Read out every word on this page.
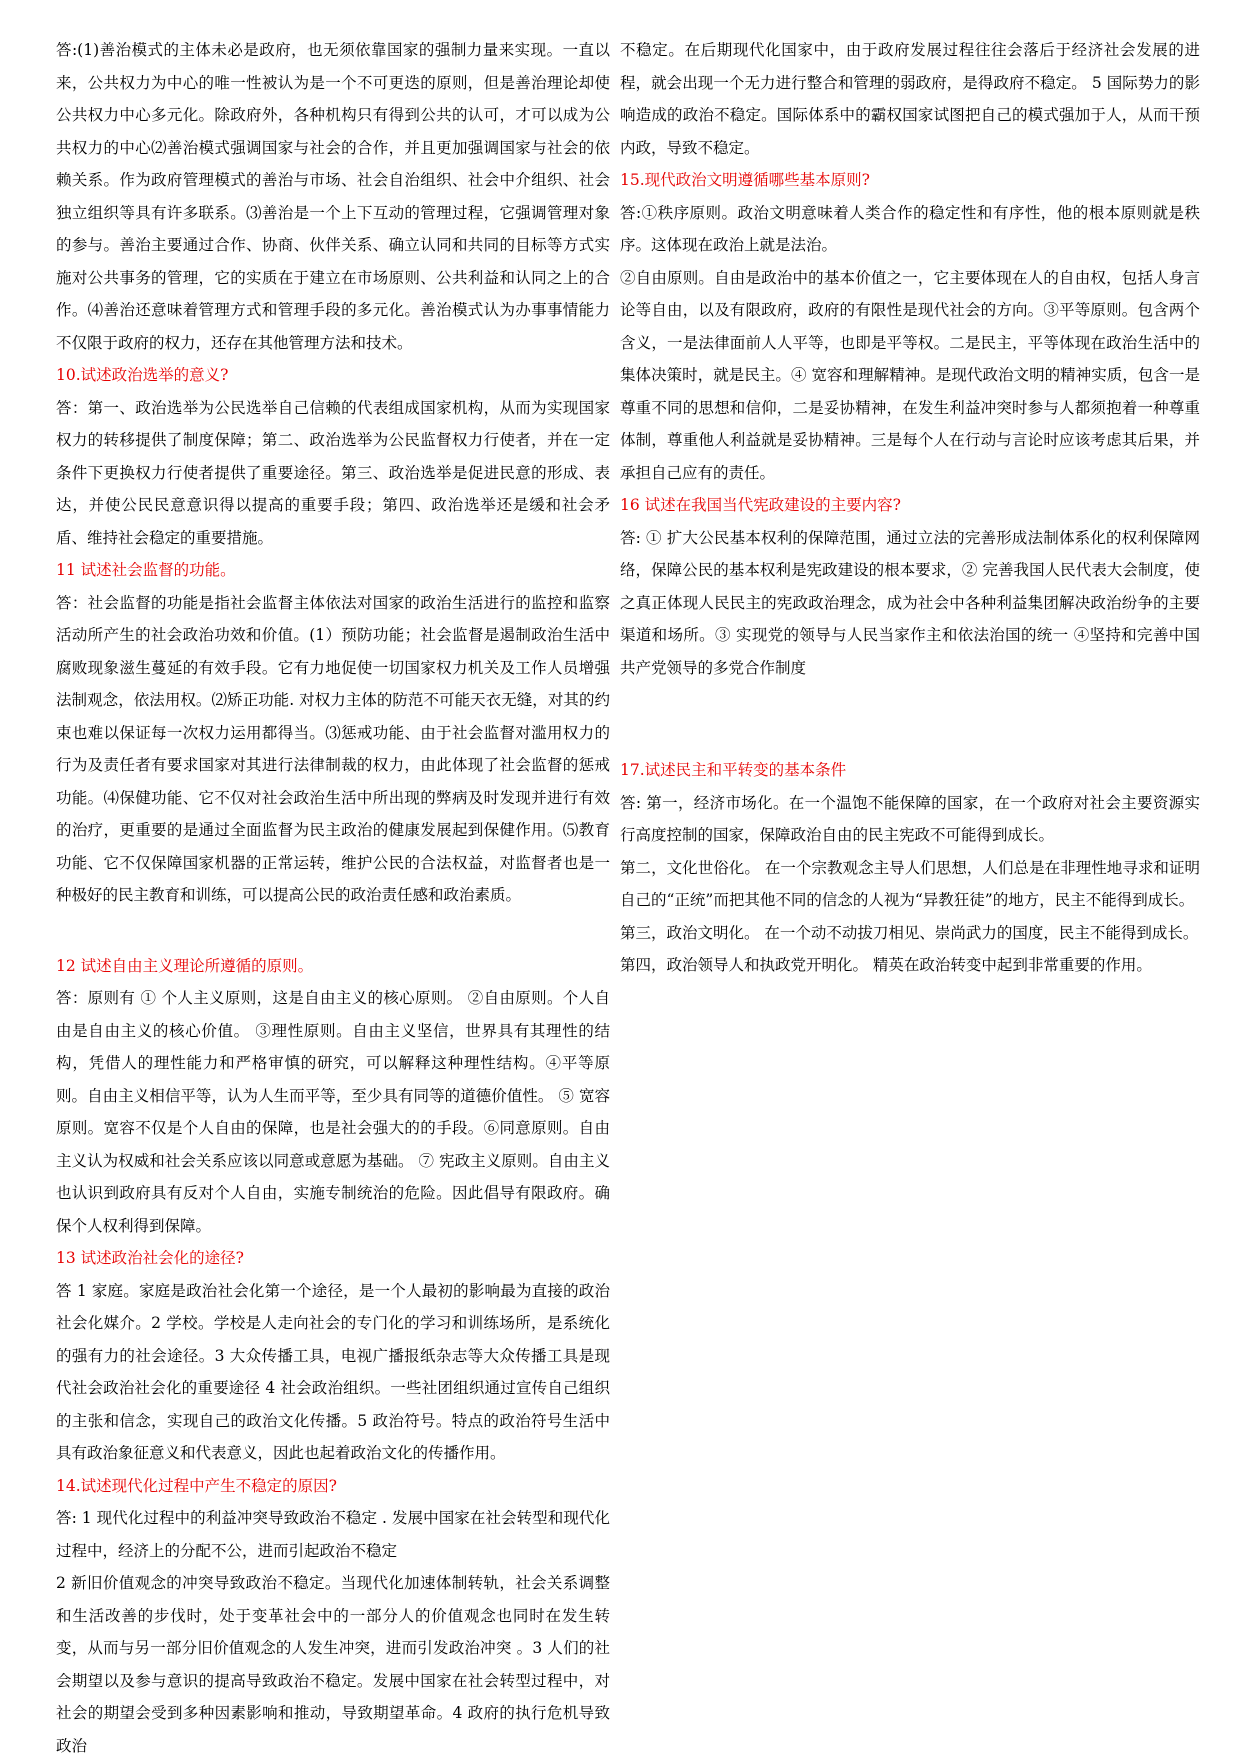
答:(1)善治模式的主体未必是政府，也无须依靠国家的强制力量来实现。一直以来，公共权力为中心的唯一性被认为是一个不可更迭的原则，但是善治理论却使公共权力中心多元化。除政府外，各种机构只有得到公共的认可，才可以成为公共权力的中心⑵善治模式强调国家与社会的合作，并且更加强调国家与社会的依赖关系。作为政府管理模式的善治与市场、社会自治组织、社会中介组织、社会独立组织等具有许多联系。⑶善治是一个上下互动的管理过程，它强调管理对象的参与。善治主要通过合作、协商、伙伴关系、确立认同和共同的目标等方式实施对公共事务的管理，它的实质在于建立在市场原则、公共利益和认同之上的合作。⑷善治还意味着管理方式和管理手段的多元化。善治模式认为办事事情能力不仅限于政府的权力，还存在其他管理方法和技术。

10.试述政治选举的意义?

答：第一、政治选举为公民选举自己信赖的代表组成国家机构，从而为实现国家权力的转移提供了制度保障；第二、政治选举为公民监督权力行使者，并在一定条件下更换权力行使者提供了重要途径。第三、政治选举是促进民意的形成、表达，并使公民民意意识得以提高的重要手段；第四、政治选举还是缓和社会矛盾、维持社会稳定的重要措施。

11 试述社会监督的功能。

答：社会监督的功能是指社会监督主体依法对国家的政治生活进行的监控和监察活动所产生的社会政治功效和价值。(1）预防功能；社会监督是遏制政治生活中腐败现象滋生蔓延的有效手段。它有力地促使一切国家权力机关及工作人员增强法制观念，依法用权。⑵矫正功能. 对权力主体的防范不可能天衣无缝，对其的约束也难以保证每一次权力运用都得当。⑶惩戒功能、由于社会监督对滥用权力的行为及责任者有要求国家对其进行法律制裁的权力，由此体现了社会监督的惩戒功能。⑷保健功能、它不仅对社会政治生活中所出现的弊病及时发现并进行有效的治疗，更重要的是通过全面监督为民主政治的健康发展起到保健作用。⑸教育功能、它不仅保障国家机器的正常运转，维护公民的合法权益，对监督者也是一种极好的民主教育和训练，可以提高公民的政治责任感和政治素质。

12 试述自由主义理论所遵循的原则。

答：原则有 ① 个人主义原则，这是自由主义的核心原则。 ②自由原则。个人自由是自由主义的核心价值。 ③理性原则。自由主义坚信，世界具有其理性的结构，凭借人的理性能力和严格审慎的研究，可以解释这种理性结构。④平等原则。自由主义相信平等，认为人生而平等，至少具有同等的道德价值性。 ⑤ 宽容原则。宽容不仅是个人自由的保障，也是社会强大的的手段。⑥同意原则。自由主义认为权威和社会关系应该以同意或意愿为基础。 ⑦ 宪政主义原则。自由主义也认识到政府具有反对个人自由，实施专制统治的危险。因此倡导有限政府。确保个人权利得到保障。

13 试述政治社会化的途径?

答 1 家庭。家庭是政治社会化第一个途径，是一个人最初的影响最为直接的政治社会化媒介。2 学校。学校是人走向社会的专门化的学习和训练场所，是系统化的强有力的社会途径。3 大众传播工具，电视广播报纸杂志等大众传播工具是现代社会政治社会化的重要途径 4 社会政治组织。一些社团组织通过宣传自己组织的主张和信念，实现自己的政治文化传播。5 政治符号。特点的政治符号生活中具有政治象征意义和代表意义，因此也起着政治文化的传播作用。

14.试述现代化过程中产生不稳定的原因?

答: 1 现代化过程中的利益冲突导致政治不稳定 . 发展中国家在社会转型和现代化过程中，经济上的分配不公，进而引起政治不稳定

2 新旧价值观念的冲突导致政治不稳定。当现代化加速体制转轨，社会关系调整和生活改善的步伐时，处于变革社会中的一部分人的价值观念也同时在发生转变，从而与另一部分旧价值观念的人发生冲突，进而引发政治冲突 。3 人们的社会期望以及参与意识的提高导致政治不稳定。发展中国家在社会转型过程中，对社会的期望会受到多种因素影响和推动，导致期望革命。4 政府的执行危机导致政治

不稳定。在后期现代化国家中，由于政府发展过程往往会落后于经济社会发展的进程，就会出现一个无力进行整合和管理的弱政府，是得政府不稳定。 5 国际势力的影响造成的政治不稳定。国际体系中的霸权国家试图把自己的模式强加于人，从而干预内政，导致不稳定。

15.现代政治文明遵循哪些基本原则?

答:①秩序原则。政治文明意味着人类合作的稳定性和有序性，他的根本原则就是秩序。这体现在政治上就是法治。

②自由原则。自由是政治中的基本价值之一，它主要体现在人的自由权，包括人身言论等自由，以及有限政府，政府的有限性是现代社会的方向。③平等原则。包含两个含义，一是法律面前人人平等，也即是平等权。二是民主，平等体现在政治生活中的集体决策时，就是民主。④ 宽容和理解精神。是现代政治文明的精神实质，包含一是尊重不同的思想和信仰，二是妥协精神，在发生利益冲突时参与人都须抱着一种尊重体制，尊重他人利益就是妥协精神。三是每个人在行动与言论时应该考虑其后果，并承担自己应有的责任。

16 试述在我国当代宪政建设的主要内容?

答: ① 扩大公民基本权利的保障范围，通过立法的完善形成法制体系化的权利保障网络，保障公民的基本权利是宪政建设的根本要求，② 完善我国人民代表大会制度，使之真正体现人民民主的宪政政治理念，成为社会中各种利益集团解决政治纷争的主要渠道和场所。③ 实现党的领导与人民当家作主和依法治国的统一 ④坚持和完善中国共产党领导的多党合作制度

17.试述民主和平转变的基本条件

答: 第一，经济市场化。在一个温饱不能保障的国家，在一个政府对社会主要资源实行高度控制的国家，保障政治自由的民主宪政不可能得到成长。

第二，文化世俗化。 在一个宗教观念主导人们思想，人们总是在非理性地寻求和证明自己的“正统”而把其他不同的信念的人视为“异教狂徒”的地方，民主不能得到成长。

第三，政治文明化。 在一个动不动拔刀相见、崇尚武力的国度，民主不能得到成长。

第四，政治领导人和执政党开明化。 精英在政治转变中起到非常重要的作用。
